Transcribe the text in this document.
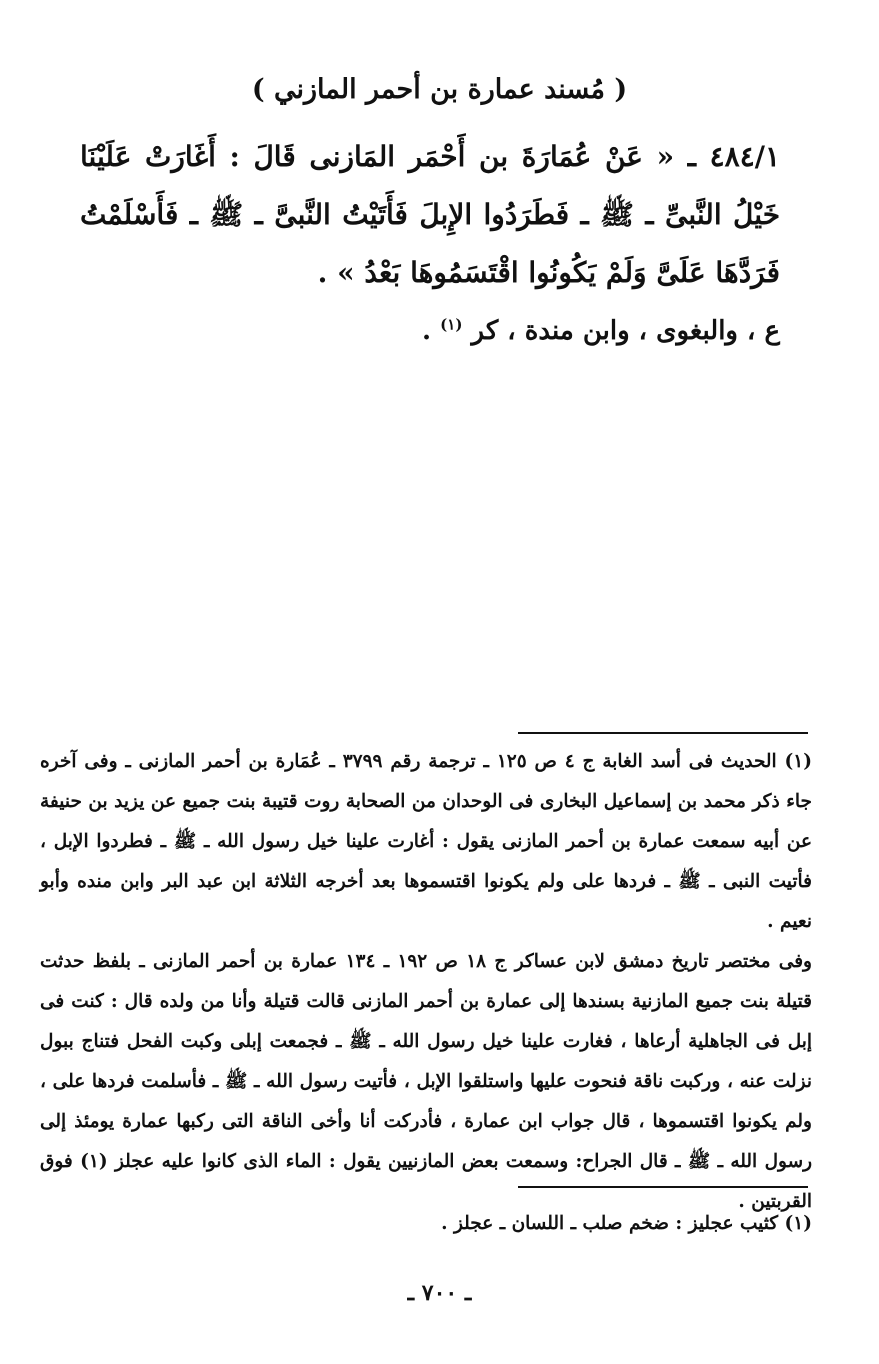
( مُسند عمارة بن أحمر المازني )

٤٨٤/١ ـ « عَنْ عُمَارَةَ بن أَحْمَر المَازنى قَالَ : أَغَارَتْ عَلَيْنَا خَيْلُ النَّبىِّ ـ ﷺ ـ فَطَرَدُوا الإِبلَ فَأَتَيْتُ النَّبىَّ ـ ﷺ ـ فَأَسْلَمْتُ فَرَدَّهَا عَلَىَّ وَلَمْ يَكُونُوا اقْتَسَمُوهَا بَعْدُ » .

ع ، والبغوى ، وابن مندة ، كر $^{(١)}$ .

(١) الحديث فى أسد الغابة ج ٤ ص ١٢٥ ـ ترجمة رقم ٣٧٩٩ ـ عُمَارة بن أحمر المازنى ـ وفى آخره جاء ذكر محمد بن إسماعيل البخارى فى الوحدان من الصحابة روت قتيبة بنت جميع عن يزيد بن حنيفة عن أبيه سمعت عمارة بن أحمر المازنى يقول : أغارت علينا خيل رسول الله ـ ﷺ ـ فطردوا الإبل ، فأتيت النبى ـ ﷺ ـ فردها على ولم يكونوا اقتسموها بعد أخرجه الثلاثة ابن عبد البر وابن منده وأبو نعيم .

وفى مختصر تاريخ دمشق لابن عساكر ج ١٨ ص ١٩٢ ـ ١٣٤ عمارة بن أحمر المازنى ـ بلفظ حدثت قتيلة بنت جميع المازنية بسندها إلى عمارة بن أحمر المازنى قالت قتيلة وأنا من ولده قال : كنت فى إبل فى الجاهلية أرعاها ، فغارت علينا خيل رسول الله ـ ﷺ ـ فجمعت إبلى وكبت الفحل فتناج ببول نزلت عنه ، وركبت ناقة فنحوت عليها واستلقوا الإبل ، فأتيت رسول الله ـ ﷺ ـ فأسلمت فردها على ، ولم يكونوا اقتسموها ، قال جواب ابن عمارة ، فأدركت أنا وأخى الناقة التى ركبها عمارة يومئذ إلى رسول الله ـ ﷺ ـ قال الجراح: وسمعت بعض المازنيين يقول : الماء الذى كانوا عليه عجلز (١) فوق القربتين .

(١) كثيب عجليز : ضخم صلب ـ اللسان ـ عجلز .
ـ ٧٠٠ ـ
